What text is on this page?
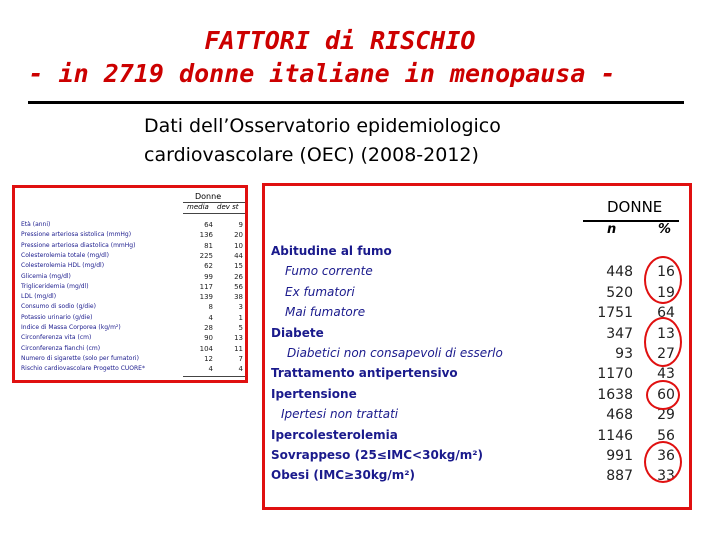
FATTORI di RISCHIO
- in 2719 donne italiane in menopausa -
Dati dell’Osservatorio epidemiologico
cardiovascolare (OEC) (2008-2012)
Donne
media dev st
Età (anni)	64	9
Pressione arteriosa sistolica (mmHg)	136	20
Pressione arteriosa diastolica (mmHg)	81	10
Colesterolemia totale (mg/dl)	225	44
Colesterolemia HDL (mg/dl)	62	15
Glicemia (mg/dl)	99	26
Trigliceridemia (mg/dl)	117	56
LDL (mg/dl)	139	38
Consumo di sodio (g/die)	8	3
Potassio urinario (g/die)	4	1
Indice di Massa Corporea (kg/m²)	28	5
Circonferenza vita (cm)	90	13
Circonferenza fianchi (cm)	104	11
Numero di sigarette (solo per fumatori)	12	7
Rischio cardiovascolare Progetto CUORE*	4	4
DONNE
n	%
Abitudine al fumo
Fumo corrente	448	16
Ex fumatori	520	19
Mai fumatore	1751	64
Diabete	347	13
Diabetici non consapevoli di esserlo	93	27
Trattamento antipertensivo	1170	43
Ipertensione	1638	60
Ipertesi non trattati	468	29
Ipercolesterolemia	1146	56
Sovrappeso (25≤IMC<30kg/m²)	991	36
Obesi (IMC≥30kg/m²)	887	33
